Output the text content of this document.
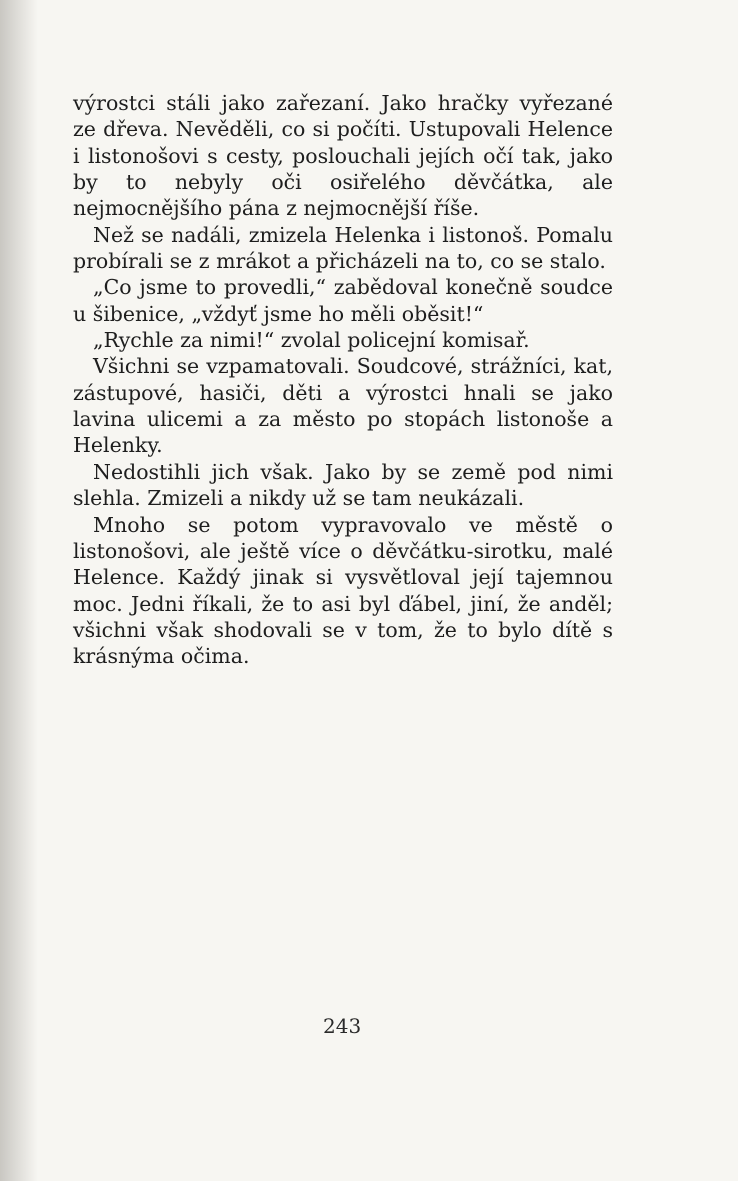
výrostci stáli jako zařezaní. Jako hračky vyřezané ze dřeva. Nevěděli, co si počíti. Ustupovali Helence i listonošovi s cesty, poslouchali jejích očí tak, jako by to nebyly oči osiřelého děvčátka, ale nejmocnějšího pána z nejmocnější říše.

Než se nadáli, zmizela Helenka i listonoš. Pomalu probírali se z mrákot a přicházeli na to, co se stalo.

„Co jsme to provedli,“ zabědoval konečně soudce u šibenice, „vždyť jsme ho měli oběsit!“

„Rychle za nimi!“ zvolal policejní komisař.

Všichni se vzpamatovali. Soudcové, strážníci, kat, zástupové, hasiči, děti a výrostci hnali se jako lavina ulicemi a za město po stopách listonoše a Helenky.

Nedostihli jich však. Jako by se země pod nimi slehla. Zmizeli a nikdy už se tam neukázali.

Mnoho se potom vypravovalo ve městě o listonošovi, ale ještě více o děvčátku-sirotku, malé Helence. Každý jinak si vysvětloval její tajemnou moc. Jedni říkali, že to asi byl ďábel, jiní, že anděl; všichni však shodovali se v tom, že to bylo dítě s krásnýma očima.

243
